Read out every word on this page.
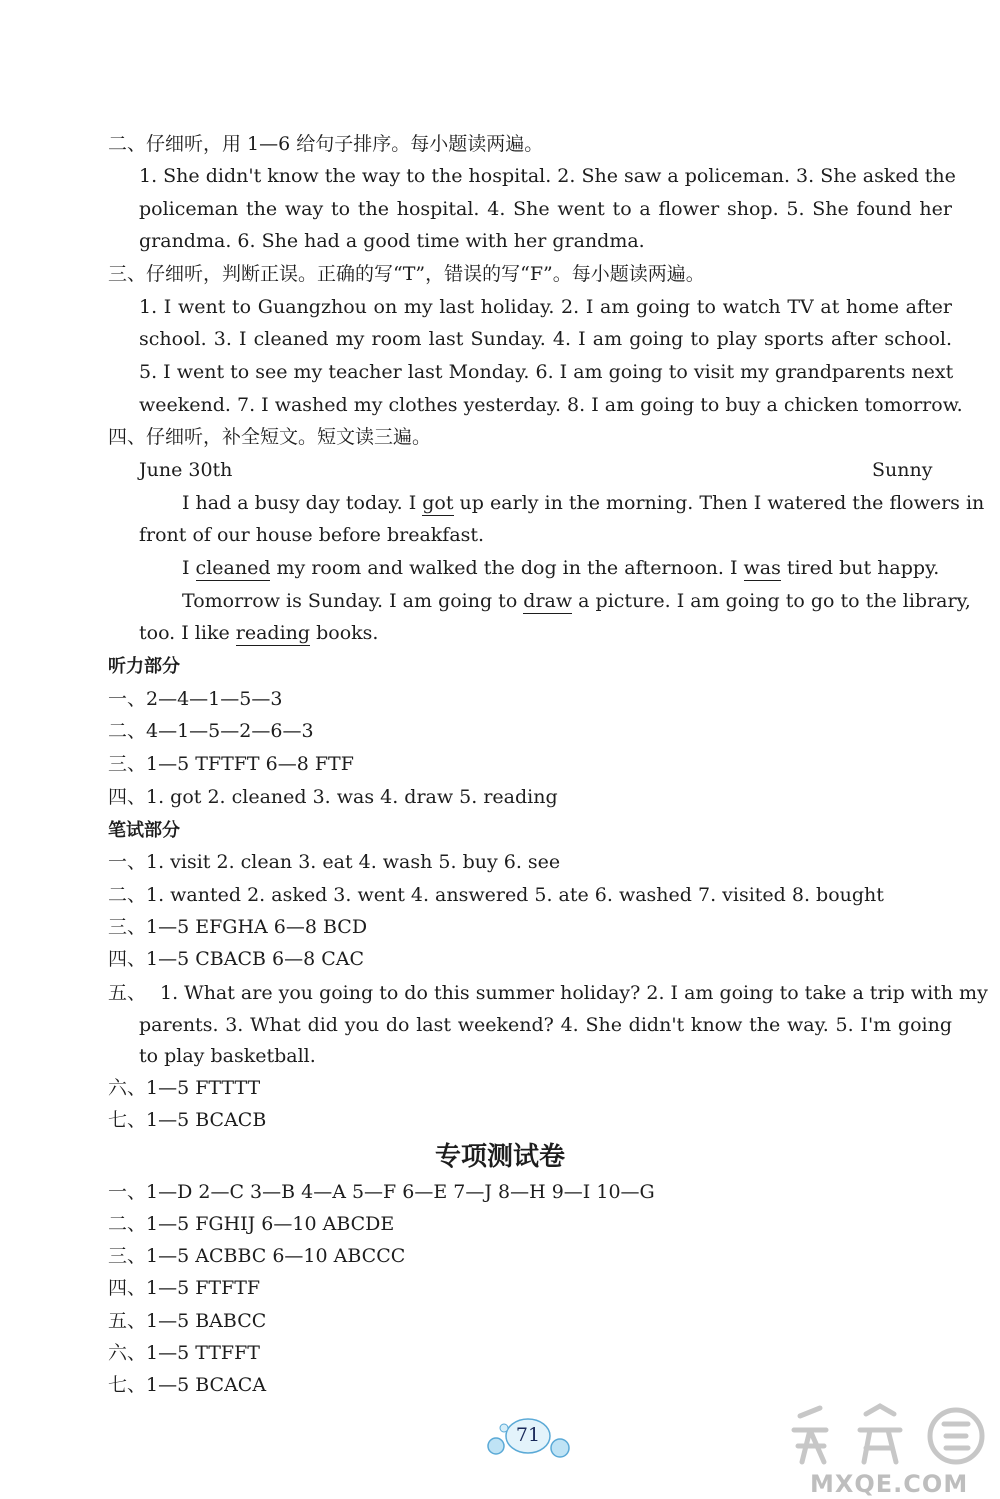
二、仔细听，用 1—6 给句子排序。每小题读两遍。
1. She didn't know the way to the hospital. 2. She saw a policeman. 3. She asked the
policeman the way to the hospital. 4. She went to a flower shop. 5. She found her
grandma. 6. She had a good time with her grandma.
三、仔细听，判断正误。正确的写“T”，错误的写“F”。每小题读两遍。
1. I went to Guangzhou on my last holiday. 2. I am going to watch TV at home after
school. 3. I cleaned my room last Sunday. 4. I am going to play sports after school.
5. I went to see my teacher last Monday. 6. I am going to visit my grandparents next
weekend. 7. I washed my clothes yesterday. 8. I am going to buy a chicken tomorrow.
四、仔细听，补全短文。短文读三遍。
June 30th	Sunny
I had a busy day today. I got up early in the morning. Then I watered the flowers in
front of our house before breakfast.
I cleaned my room and walked the dog in the afternoon. I was tired but happy.
Tomorrow is Sunday. I am going to draw a picture. I am going to go to the library,
too. I like reading books.
听力部分
一、2—4—1—5—3
二、4—1—5—2—6—3
三、1—5 TFTFT 6—8 FTF
四、1. got 2. cleaned 3. was 4. draw 5. reading
笔试部分
一、1. visit 2. clean 3. eat 4. wash 5. buy 6. see
二、1. wanted 2. asked 3. went 4. answered 5. ate 6. washed 7. visited 8. bought
三、1—5 EFGHA 6—8 BCD
四、1—5 CBACB 6—8 CAC
五、 1. What are you going to do this summer holiday? 2. I am going to take a trip with my
parents. 3. What did you do last weekend? 4. She didn't know the way. 5. I'm going
to play basketball.
六、1—5 FTTTT
七、1—5 BCACB
专项测试卷
一、1—D 2—C 3—B 4—A 5—F 6—E 7—J 8—H 9—I 10—G
二、1—5 FGHIJ 6—10 ABCDE
三、1—5 ACBBC 6—10 ABCCC
四、1—5 FTFTF
五、1—5 BABCC
六、1—5 TTFFT
七、1—5 BCACA
71
MXQE.COM
